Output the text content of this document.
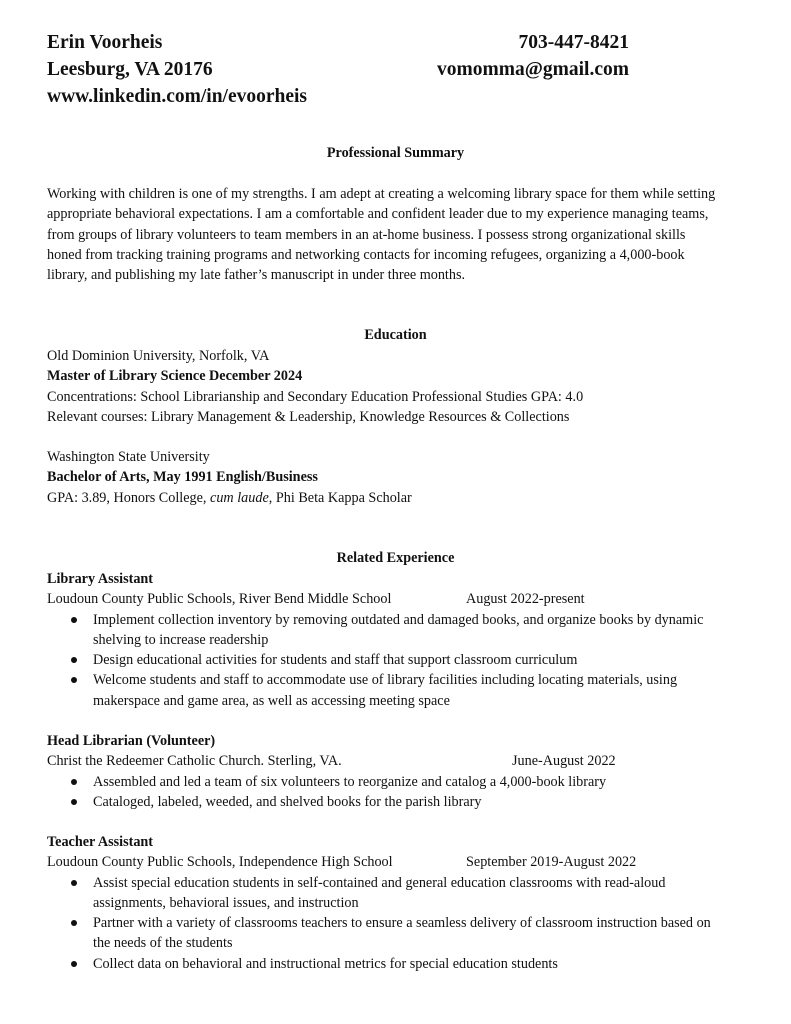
Erin Voorheis
Leesburg, VA 20176
www.linkedin.com/in/evoorheis
703-447-8421
vomomma@gmail.com
Professional Summary
Working with children is one of my strengths. I am adept at creating a welcoming library space for them while setting
appropriate behavioral expectations. I am a comfortable and confident leader due to my experience managing teams,
from groups of library volunteers to team members in an at-home business. I possess strong organizational skills
honed from tracking training programs and networking contacts for incoming refugees, organizing a 4,000-book
library, and publishing my late father’s manuscript in under three months.
Education
Old Dominion University, Norfolk, VA
Master of Library Science December 2024
Concentrations: School Librarianship and Secondary Education Professional Studies GPA: 4.0
Relevant courses: Library Management & Leadership, Knowledge Resources & Collections
Washington State University
Bachelor of Arts, May 1991 English/Business
GPA: 3.89, Honors College, cum laude, Phi Beta Kappa Scholar
Related Experience
Library Assistant
Loudoun County Public Schools, River Bend Middle School	August 2022-present
Implement collection inventory by removing outdated and damaged books, and organize books by dynamic
shelving to increase readership
Design educational activities for students and staff that support classroom curriculum
Welcome students and staff to accommodate use of library facilities including locating materials, using
makerspace and game area, as well as accessing meeting space
Head Librarian (Volunteer)
Christ the Redeemer Catholic Church. Sterling, VA.	June-August 2022
Assembled and led a team of six volunteers to reorganize and catalog a 4,000-book library
Cataloged, labeled, weeded, and shelved books for the parish library
Teacher Assistant
Loudoun County Public Schools, Independence High School	September 2019-August 2022
Assist special education students in self-contained and general education classrooms with read-aloud
assignments, behavioral issues, and instruction
Partner with a variety of classrooms teachers to ensure a seamless delivery of classroom instruction based on
the needs of the students
Collect data on behavioral and instructional metrics for special education students
